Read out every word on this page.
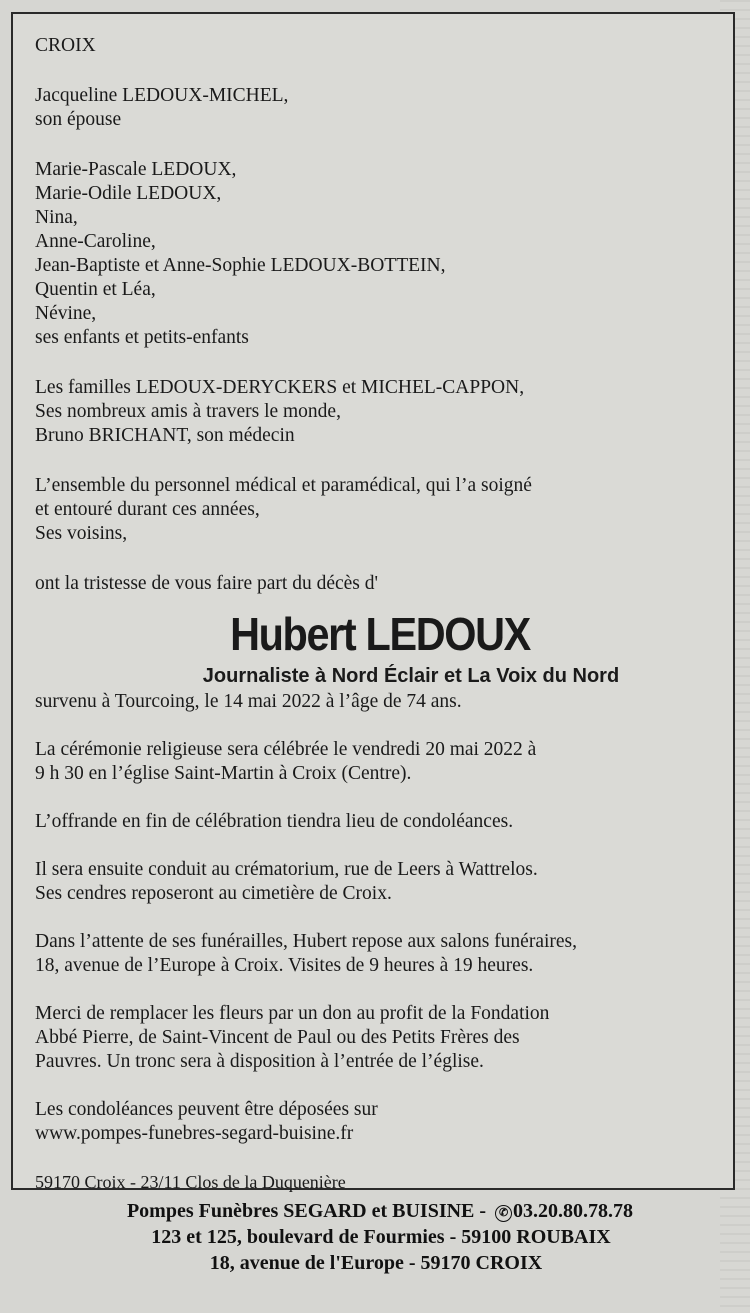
CROIX
Jacqueline LEDOUX-MICHEL,
son épouse
Marie-Pascale LEDOUX,
Marie-Odile LEDOUX,
Nina,
Anne-Caroline,
Jean-Baptiste et Anne-Sophie LEDOUX-BOTTEIN,
Quentin et Léa,
Névine,
ses enfants et petits-enfants
Les familles LEDOUX-DERYCKERS et MICHEL-CAPPON,
Ses nombreux amis à travers le monde,
Bruno BRICHANT, son médecin
L’ensemble du personnel médical et paramédical, qui l’a soigné
et entouré durant ces années,
Ses voisins,
ont la tristesse de vous faire part du décès d'
Hubert LEDOUX
Journaliste à Nord Éclair et La Voix du Nord
survenu à Tourcoing, le 14 mai 2022 à l’âge de 74 ans.
La cérémonie religieuse sera célébrée le vendredi 20 mai 2022 à
9 h 30 en l’église Saint-Martin à Croix (Centre).
L’offrande en fin de célébration tiendra lieu de condoléances.
Il sera ensuite conduit au crématorium, rue de Leers à Wattrelos.
Ses cendres reposeront au cimetière de Croix.
Dans l’attente de ses funérailles, Hubert repose aux salons funéraires,
18, avenue de l’Europe à Croix. Visites de 9 heures à 19 heures.
Merci de remplacer les fleurs par un don au profit de la Fondation
Abbé Pierre, de Saint-Vincent de Paul ou des Petits Frères des
Pauvres. Un tronc sera à disposition à l’entrée de l’église.
Les condoléances peuvent être déposées sur
www.pompes-funebres-segard-buisine.fr
59170 Croix - 23/11 Clos de la Duquenière
Pompes Funèbres SEGARD et BUISINE - ✆ 03.20.80.78.78
123 et 125, boulevard de Fourmies - 59100 ROUBAIX
18, avenue de l'Europe - 59170 CROIX
